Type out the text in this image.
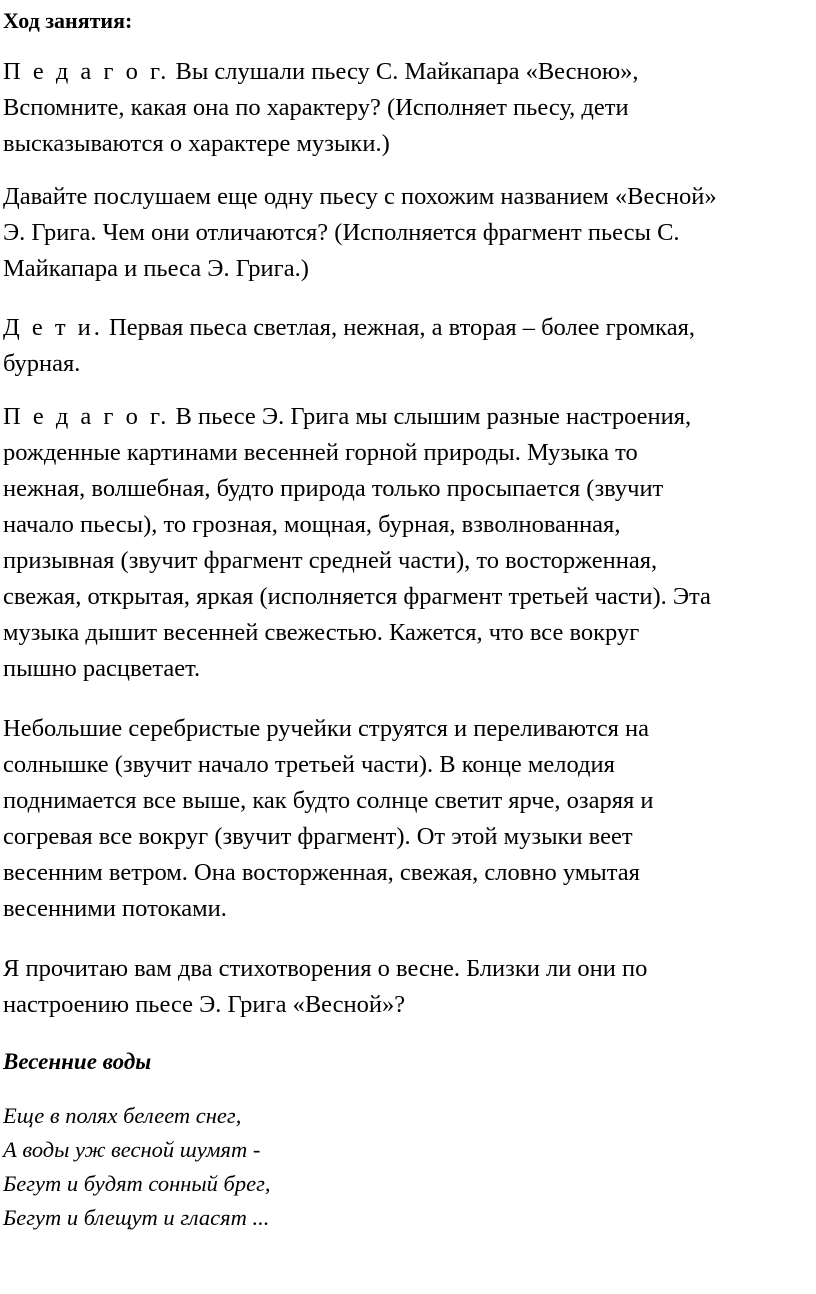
Ход занятия:

П е д а г о г. Вы слушали пьесу С. Майкапара «Весною»,
Вспомните, какая она по характеру? (Исполняет пьесу, дети
высказываются о характере музыки.)

Давайте послушаем еще одну пьесу с похожим названием «Весной»
Э. Грига. Чем они отличаются? (Исполняется фрагмент пьесы С.
Майкапара и пьеса Э. Грига.)

Д е т и. Первая пьеса светлая, нежная, а вторая – более громкая,
бурная.

П е д а г о г. В пьесе Э. Грига мы слышим разные настроения,
рожденные картинами весенней горной природы. Музыка то
нежная, волшебная, будто природа только просыпается (звучит
начало пьесы), то грозная, мощная, бурная, взволнованная,
призывная (звучит фрагмент средней части), то восторженная,
свежая, открытая, яркая (исполняется фрагмент третьей части). Эта
музыка дышит весенней свежестью. Кажется, что все вокруг
пышно расцветает.

Небольшие серебристые ручейки струятся и переливаются на
солнышке (звучит начало третьей части). В конце мелодия
поднимается все выше, как будто солнце светит ярче, озаряя и
согревая все вокруг (звучит фрагмент). От этой музыки веет
весенним ветром. Она восторженная, свежая, словно умытая
весенними потоками.

Я прочитаю вам два стихотворения о весне. Близки ли они по
настроению пьесе Э. Грига «Весной»?

Весенние воды
Еще в полях белеет снег,
А воды уж весной шумят -
Бегут и будят сонный брег,
Бегут и блещут и гласят ...
